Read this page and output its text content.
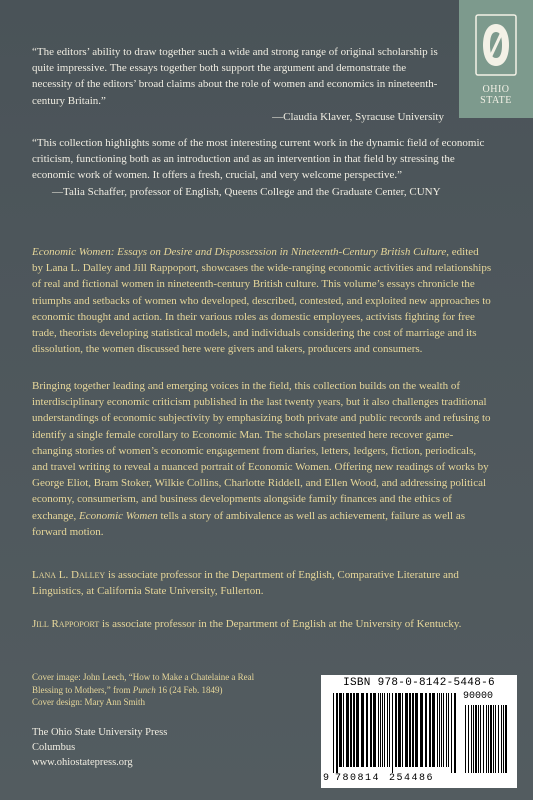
OHIO
STATE

“The editors’ ability to draw together such a wide and strong range of original scholarship is quite impressive. The essays together both support the argument and demonstrate the necessity of the editors’ broad claims about the role of women and economics in nineteenth-century Britain.”

—Claudia Klaver, Syracuse University

“This collection highlights some of the most interesting current work in the dynamic field of economic criticism, functioning both as an introduction and as an intervention in that field by stressing the economic work of women. It offers a fresh, crucial, and very welcome perspective.”

—Talia Schaffer, professor of English, Queens College and the Graduate Center, CUNY

Economic Women: Essays on Desire and Dispossession in Nineteenth-Century British Culture, edited by Lana L. Dalley and Jill Rappoport, showcases the wide-ranging economic activities and relationships of real and fictional women in nineteenth-century British culture. This volume’s essays chronicle the triumphs and setbacks of women who developed, described, contested, and exploited new approaches to economic thought and action. In their various roles as domestic employees, activists fighting for free trade, theorists developing statistical models, and individuals considering the cost of marriage and its dissolution, the women discussed here were givers and takers, producers and consumers.

Bringing together leading and emerging voices in the field, this collection builds on the wealth of interdisciplinary economic criticism published in the last twenty years, but it also challenges traditional understandings of economic subjectivity by emphasizing both private and public records and refusing to identify a single female corollary to Economic Man. The scholars presented here recover game-changing stories of women’s economic engagement from diaries, letters, ledgers, fiction, periodicals, and travel writing to reveal a nuanced portrait of Economic Women. Offering new readings of works by George Eliot, Bram Stoker, Wilkie Collins, Charlotte Riddell, and Ellen Wood, and addressing political economy, consumerism, and business developments alongside family finances and the ethics of exchange, Economic Women tells a story of ambivalence as well as achievement, failure as well as forward motion.

Lana L. Dalley is associate professor in the Department of English, Comparative Literature and Linguistics, at California State University, Fullerton.

Jill Rappoport is associate professor in the Department of English at the University of Kentucky.

Cover image: John Leech, “How to Make a Chatelaine a Real Blessing to Mothers,” from Punch 16 (24 Feb. 1849)

Cover design: Mary Ann Smith

The Ohio State University Press

Columbus

www.ohiostatepress.org

ISBN 978-0-8142-5448-6
9 780814 254486
90000
